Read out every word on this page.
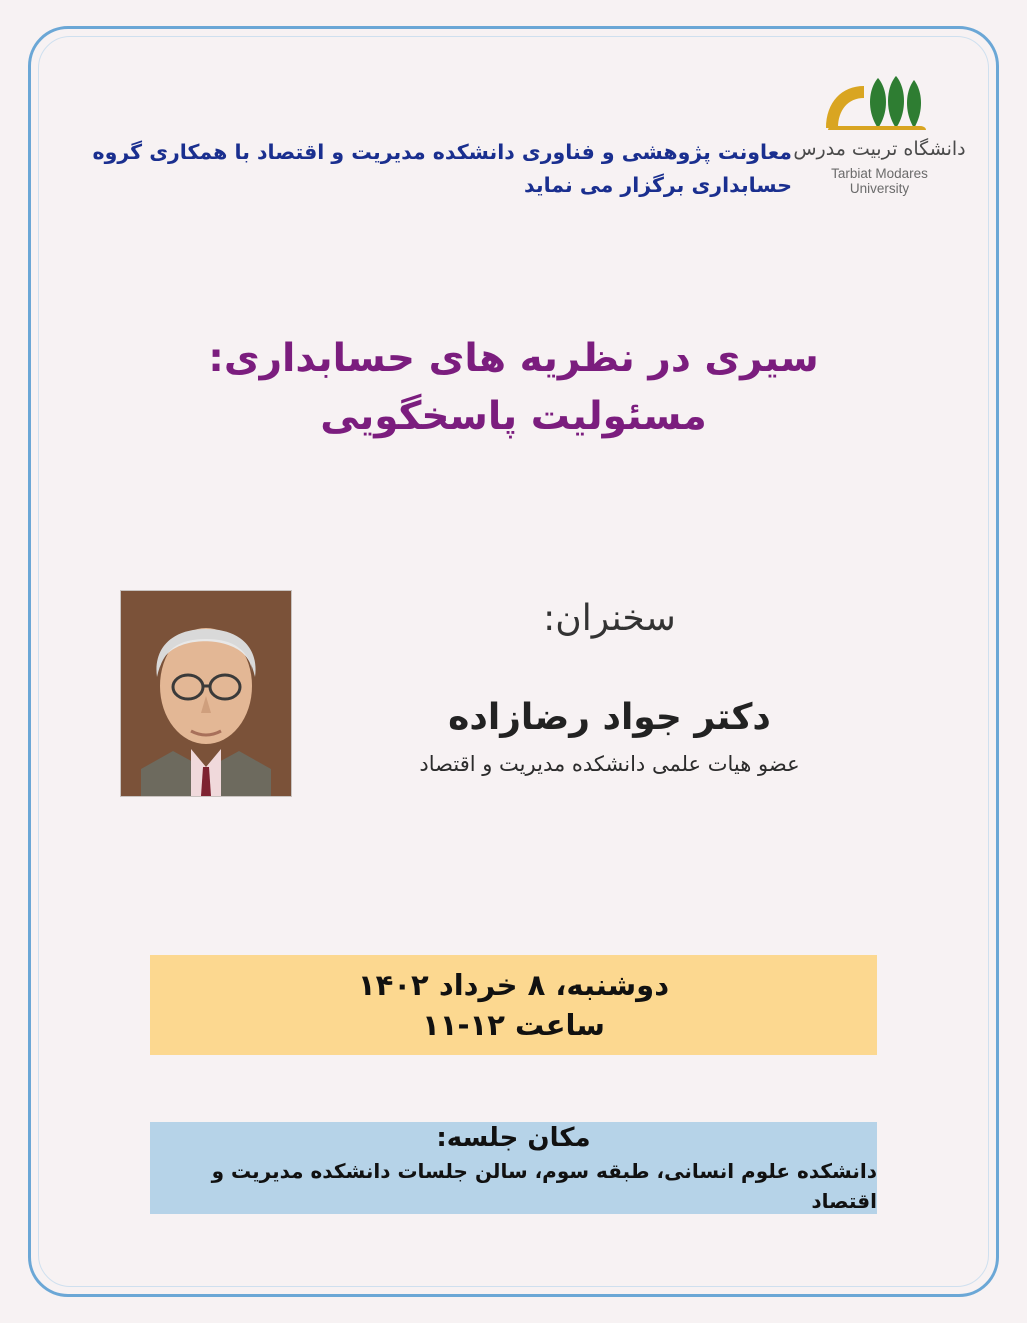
دانشگاه تربیت مدرس
Tarbiat Modares
University
معاونت پژوهشی و فناوری دانشکده مدیریت و اقتصاد با همکاری گروه حسابداری برگزار می نماید
سیری در نظریه های حسابداری: مسئولیت پاسخگویی
سخنران:
دکتر جواد رضازاده
عضو هیات علمی دانشکده مدیریت و اقتصاد
دوشنبه، ۸ خرداد ۱۴۰۲
ساعت ۱۲-۱۱
مکان جلسه:
دانشکده علوم انسانی، طبقه سوم، سالن جلسات دانشکده مدیریت و اقتصاد
